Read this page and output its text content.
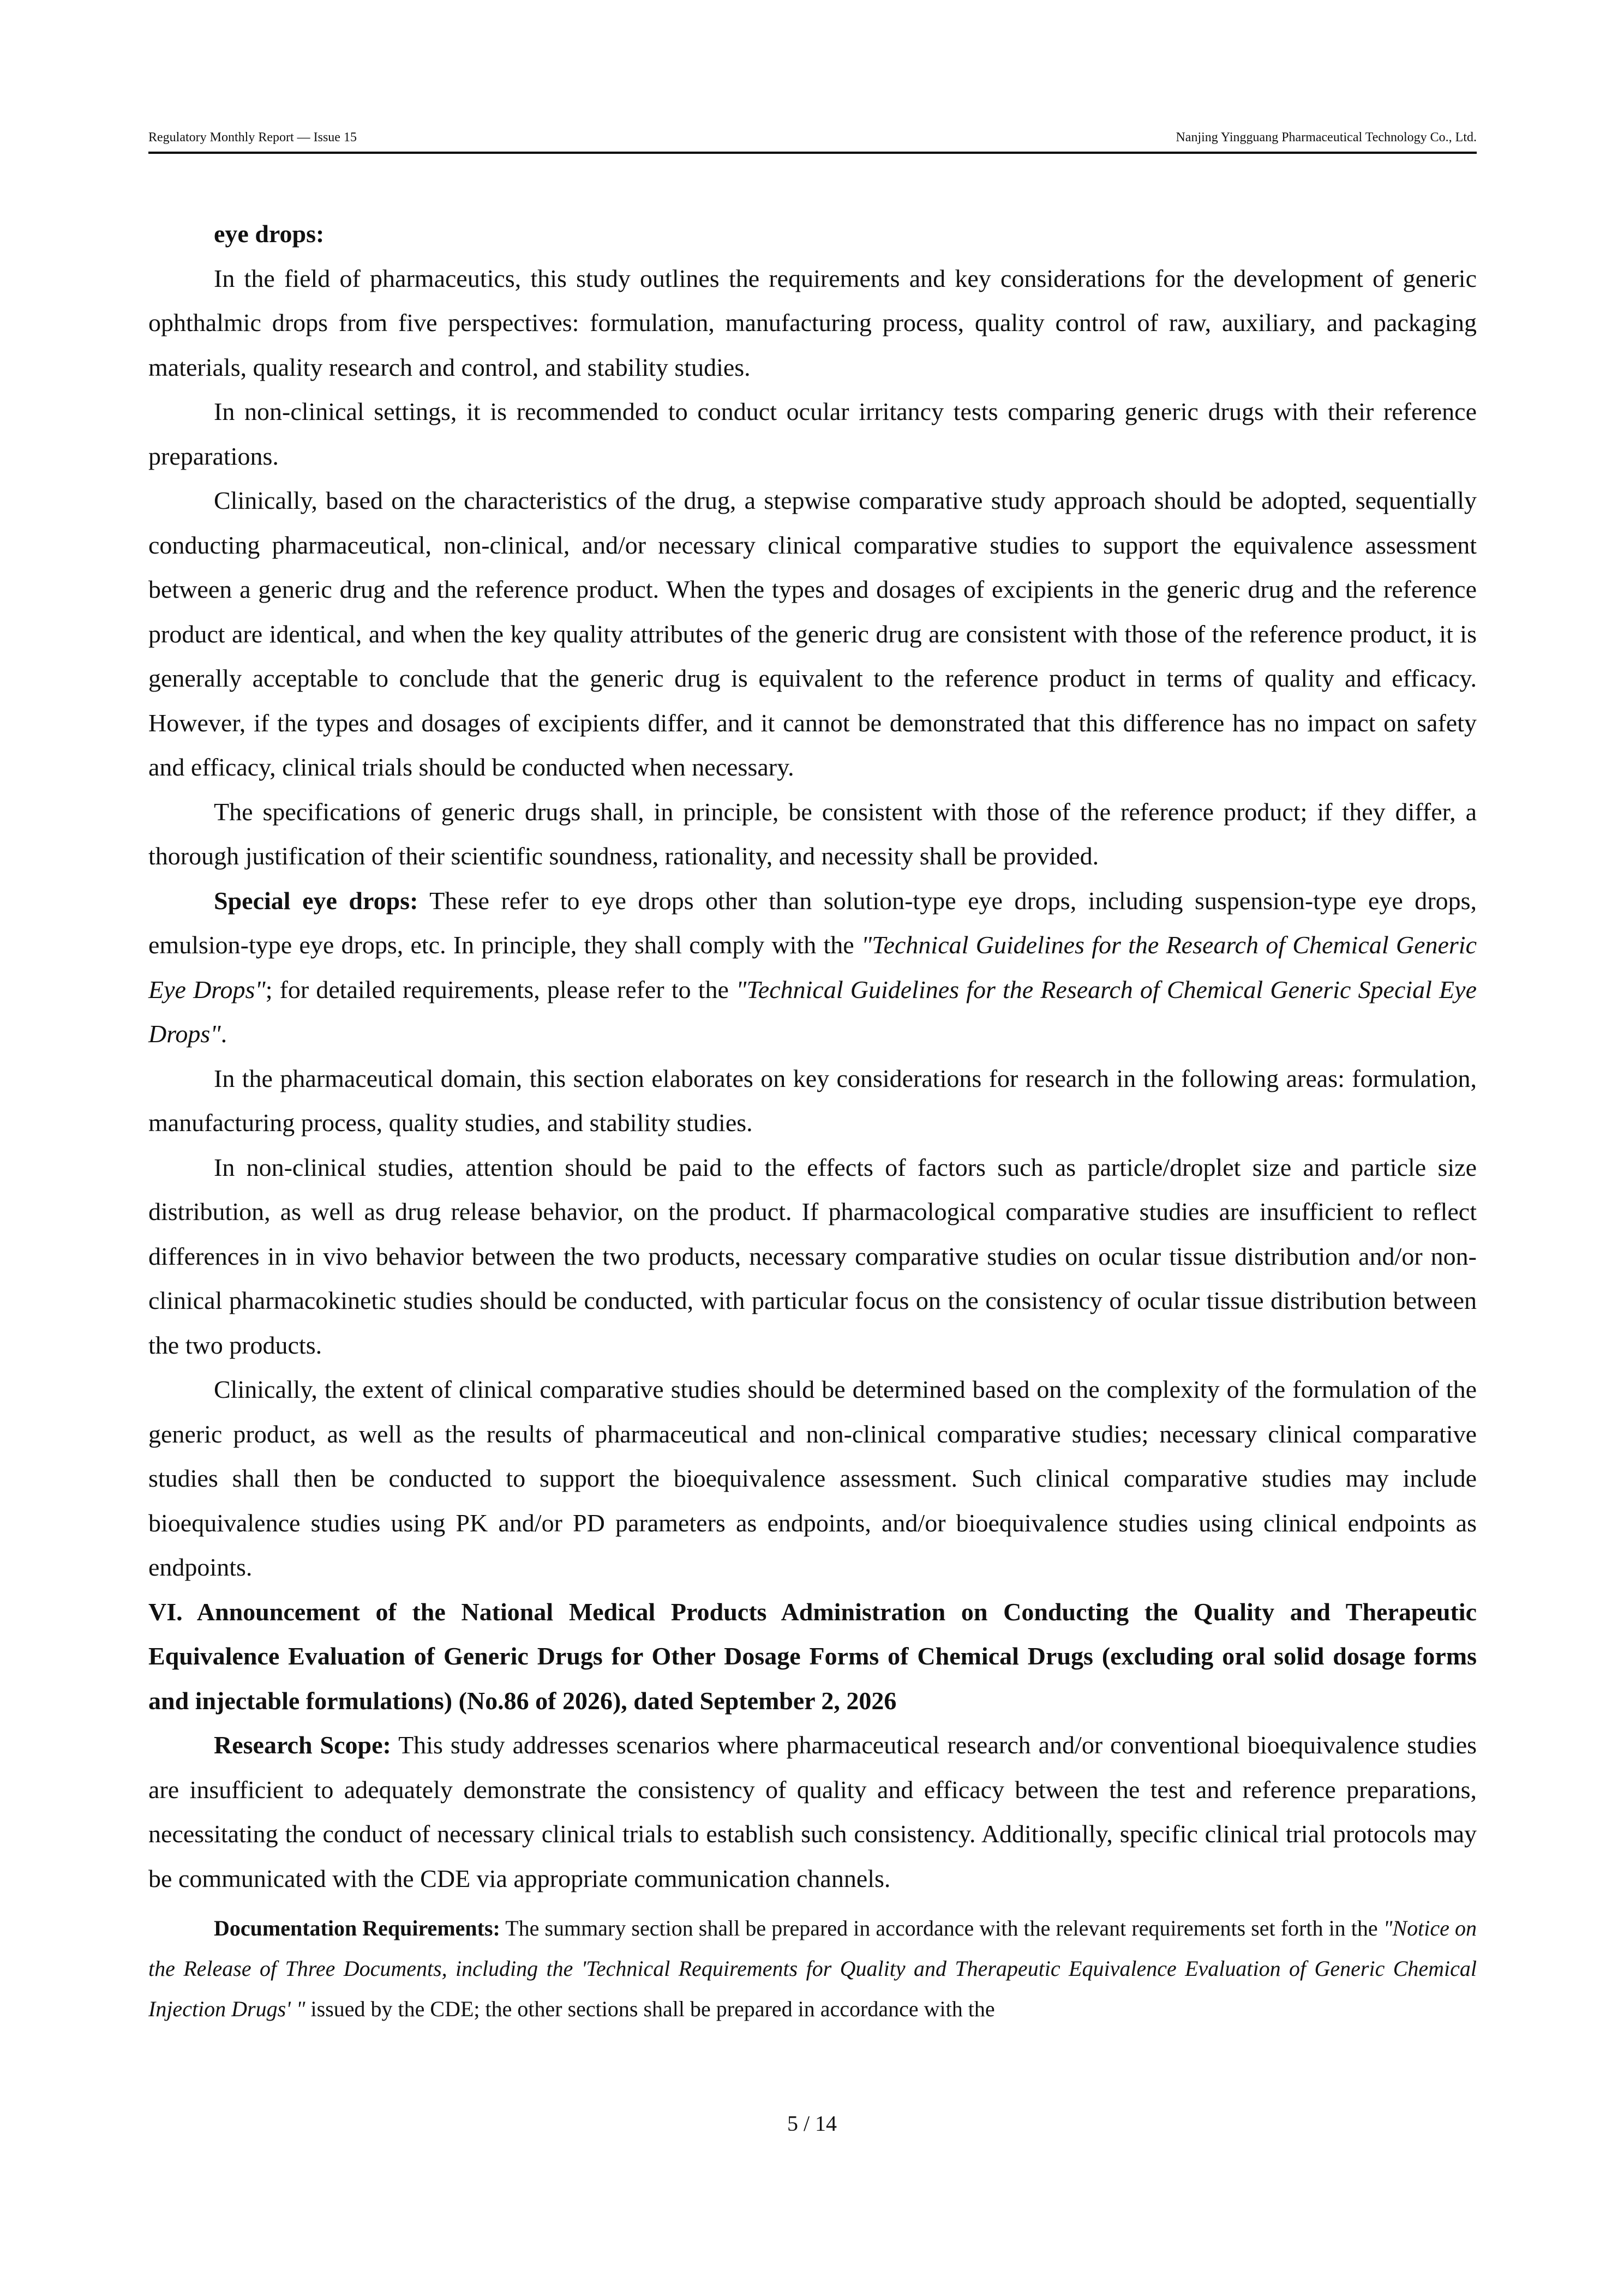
Regulatory Monthly Report — Issue 15	Nanjing Yingguang Pharmaceutical Technology Co., Ltd.

eye drops:

In the field of pharmaceutics, this study outlines the requirements and key considerations for the development of generic ophthalmic drops from five perspectives: formulation, manufacturing process, quality control of raw, auxiliary, and packaging materials, quality research and control, and stability studies.

In non-clinical settings, it is recommended to conduct ocular irritancy tests comparing generic drugs with their reference preparations.

Clinically, based on the characteristics of the drug, a stepwise comparative study approach should be adopted, sequentially conducting pharmaceutical, non-clinical, and/or necessary clinical comparative studies to support the equivalence assessment between a generic drug and the reference product. When the types and dosages of excipients in the generic drug and the reference product are identical, and when the key quality attributes of the generic drug are consistent with those of the reference product, it is generally acceptable to conclude that the generic drug is equivalent to the reference product in terms of quality and efficacy. However, if the types and dosages of excipients differ, and it cannot be demonstrated that this difference has no impact on safety and efficacy, clinical trials should be conducted when necessary.

The specifications of generic drugs shall, in principle, be consistent with those of the reference product; if they differ, a thorough justification of their scientific soundness, rationality, and necessity shall be provided.

Special eye drops: These refer to eye drops other than solution-type eye drops, including suspension-type eye drops, emulsion-type eye drops, etc. In principle, they shall comply with the "Technical Guidelines for the Research of Chemical Generic Eye Drops"; for detailed requirements, please refer to the "Technical Guidelines for the Research of Chemical Generic Special Eye Drops".

In the pharmaceutical domain, this section elaborates on key considerations for research in the following areas: formulation, manufacturing process, quality studies, and stability studies.

In non-clinical studies, attention should be paid to the effects of factors such as particle/droplet size and particle size distribution, as well as drug release behavior, on the product. If pharmacological comparative studies are insufficient to reflect differences in in vivo behavior between the two products, necessary comparative studies on ocular tissue distribution and/or non-clinical pharmacokinetic studies should be conducted, with particular focus on the consistency of ocular tissue distribution between the two products.

Clinically, the extent of clinical comparative studies should be determined based on the complexity of the formulation of the generic product, as well as the results of pharmaceutical and non-clinical comparative studies; necessary clinical comparative studies shall then be conducted to support the bioequivalence assessment. Such clinical comparative studies may include bioequivalence studies using PK and/or PD parameters as endpoints, and/or bioequivalence studies using clinical endpoints as endpoints.

VI. Announcement of the National Medical Products Administration on Conducting the Quality and Therapeutic Equivalence Evaluation of Generic Drugs for Other Dosage Forms of Chemical Drugs (excluding oral solid dosage forms and injectable formulations) (No.86 of 2026), dated September 2, 2026

Research Scope: This study addresses scenarios where pharmaceutical research and/or conventional bioequivalence studies are insufficient to adequately demonstrate the consistency of quality and efficacy between the test and reference preparations, necessitating the conduct of necessary clinical trials to establish such consistency. Additionally, specific clinical trial protocols may be communicated with the CDE via appropriate communication channels.

Documentation Requirements: The summary section shall be prepared in accordance with the relevant requirements set forth in the "Notice on the Release of Three Documents, including the 'Technical Requirements for Quality and Therapeutic Equivalence Evaluation of Generic Chemical Injection Drugs' " issued by the CDE; the other sections shall be prepared in accordance with the

5 / 14
